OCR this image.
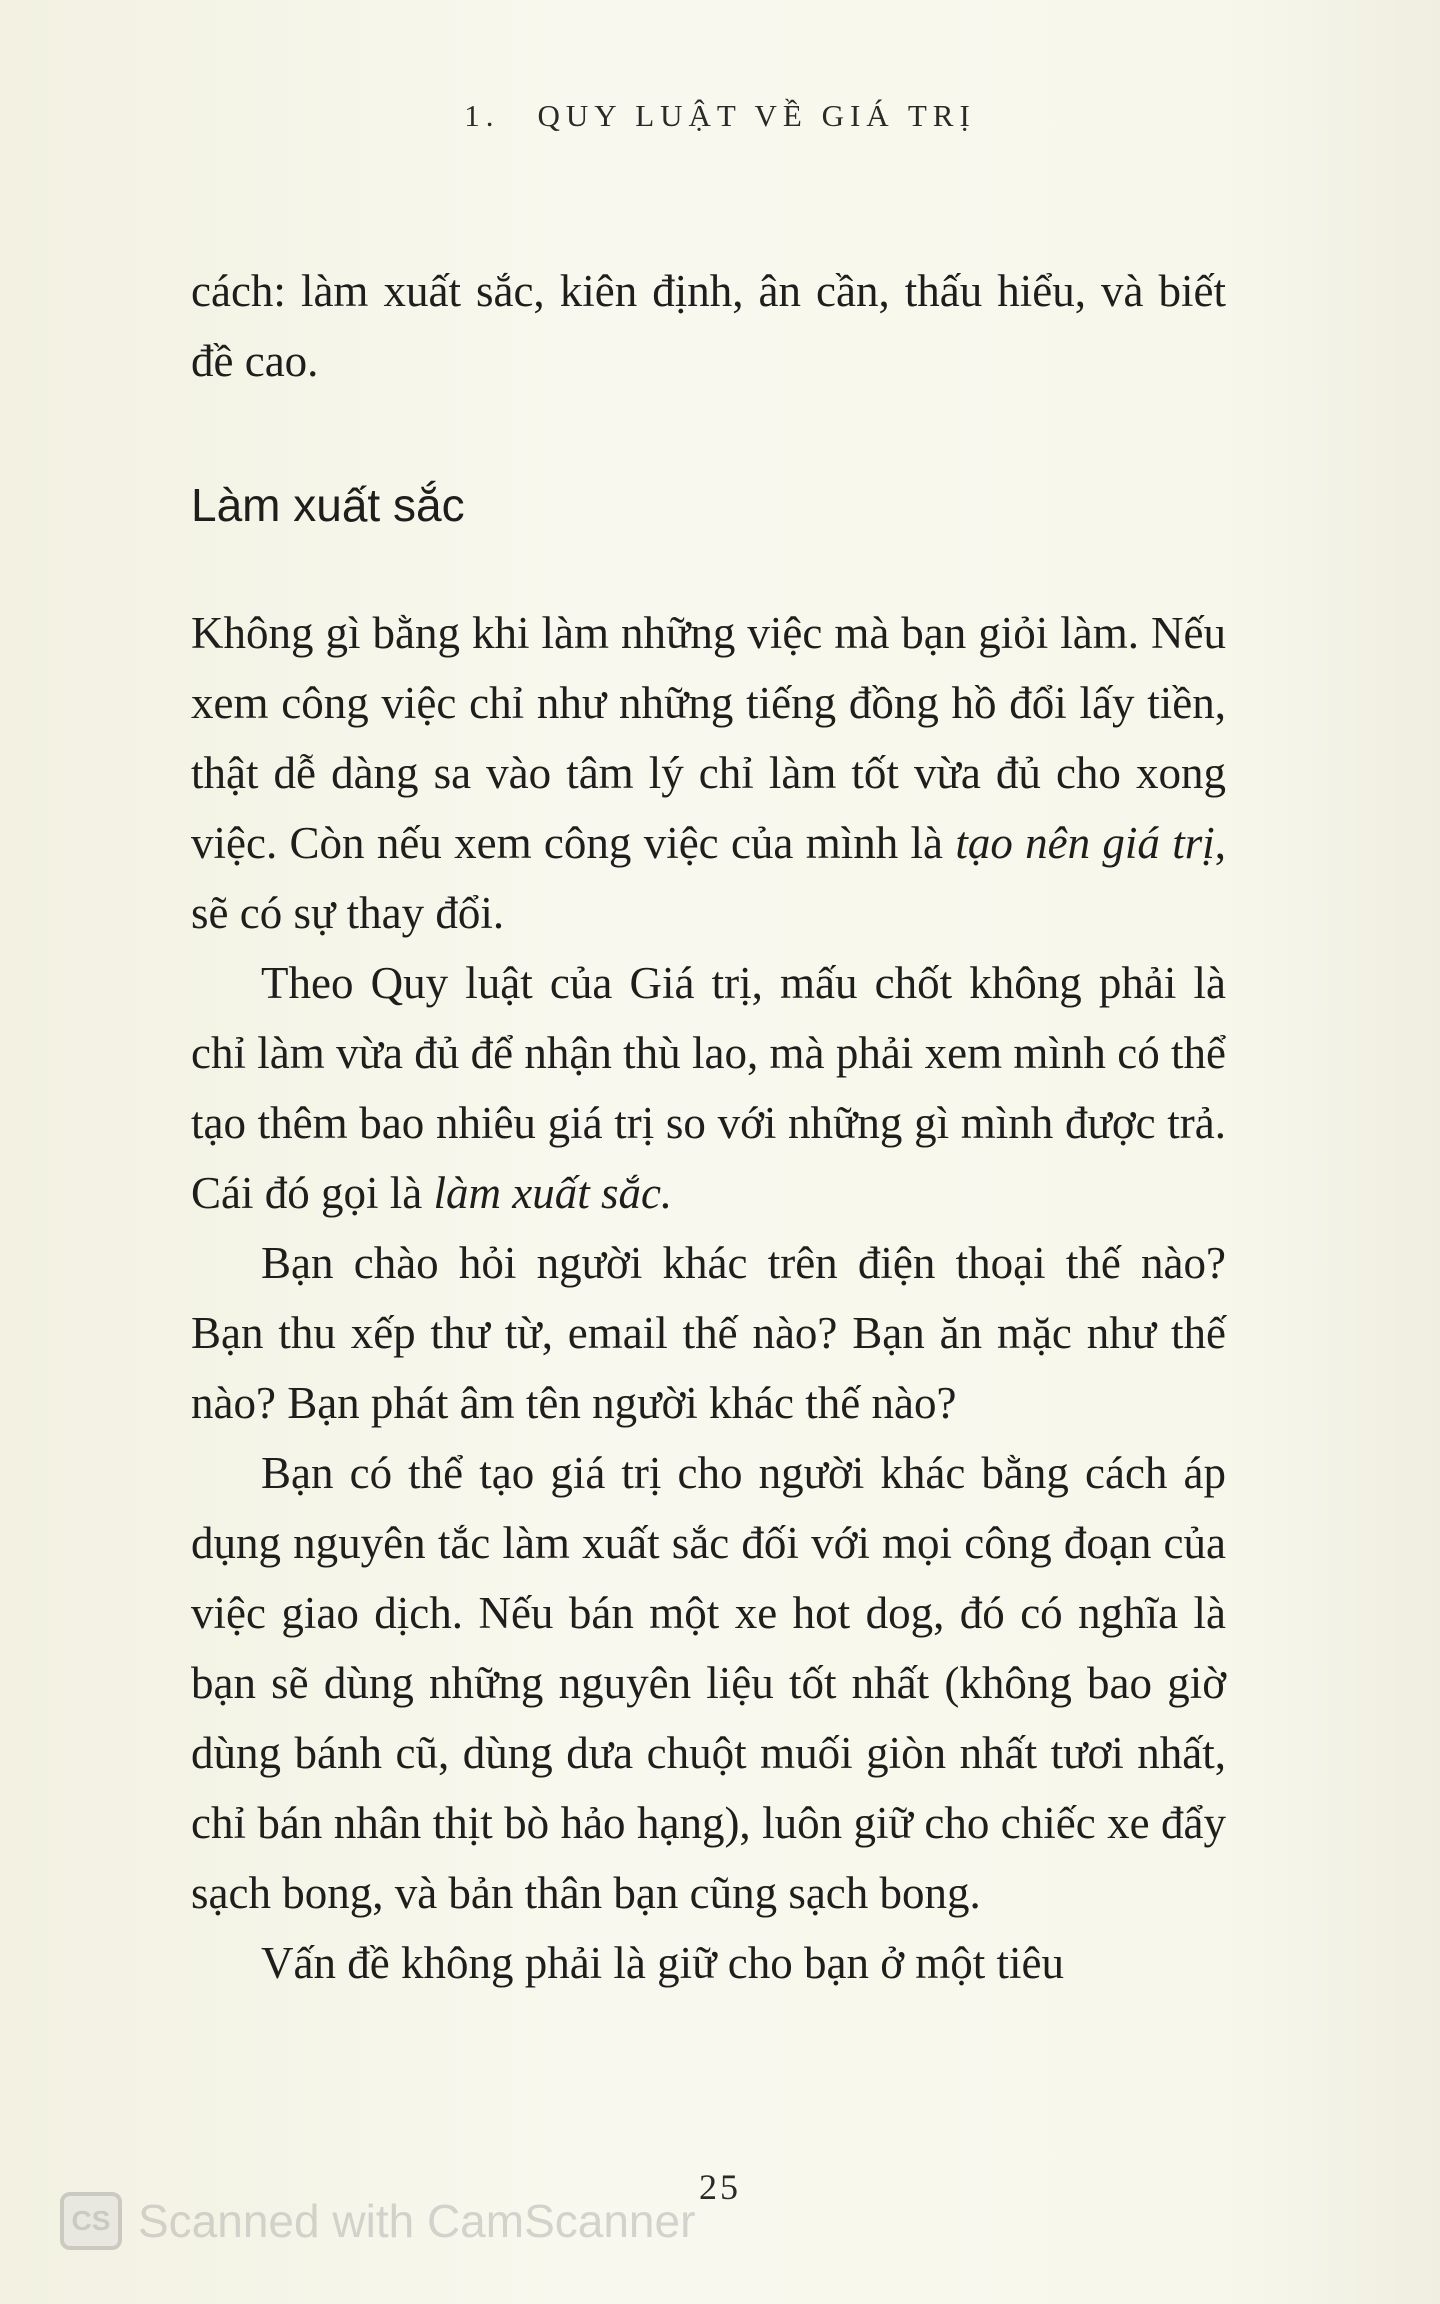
1. QUY LUẬT VỀ GIÁ TRỊ

cách: làm xuất sắc, kiên định, ân cần, thấu hiểu, và biết đề cao.

Làm xuất sắc

Không gì bằng khi làm những việc mà bạn giỏi làm. Nếu xem công việc chỉ như những tiếng đồng hồ đổi lấy tiền, thật dễ dàng sa vào tâm lý chỉ làm tốt vừa đủ cho xong việc. Còn nếu xem công việc của mình là tạo nên giá trị, sẽ có sự thay đổi.

Theo Quy luật của Giá trị, mấu chốt không phải là chỉ làm vừa đủ để nhận thù lao, mà phải xem mình có thể tạo thêm bao nhiêu giá trị so với những gì mình được trả. Cái đó gọi là làm xuất sắc.

Bạn chào hỏi người khác trên điện thoại thế nào? Bạn thu xếp thư từ, email thế nào? Bạn ăn mặc như thế nào? Bạn phát âm tên người khác thế nào?

Bạn có thể tạo giá trị cho người khác bằng cách áp dụng nguyên tắc làm xuất sắc đối với mọi công đoạn của việc giao dịch. Nếu bán một xe hot dog, đó có nghĩa là bạn sẽ dùng những nguyên liệu tốt nhất (không bao giờ dùng bánh cũ, dùng dưa chuột muối giòn nhất tươi nhất, chỉ bán nhân thịt bò hảo hạng), luôn giữ cho chiếc xe đẩy sạch bong, và bản thân bạn cũng sạch bong.

Vấn đề không phải là giữ cho bạn ở một tiêu

25
CS Scanned with CamScanner
